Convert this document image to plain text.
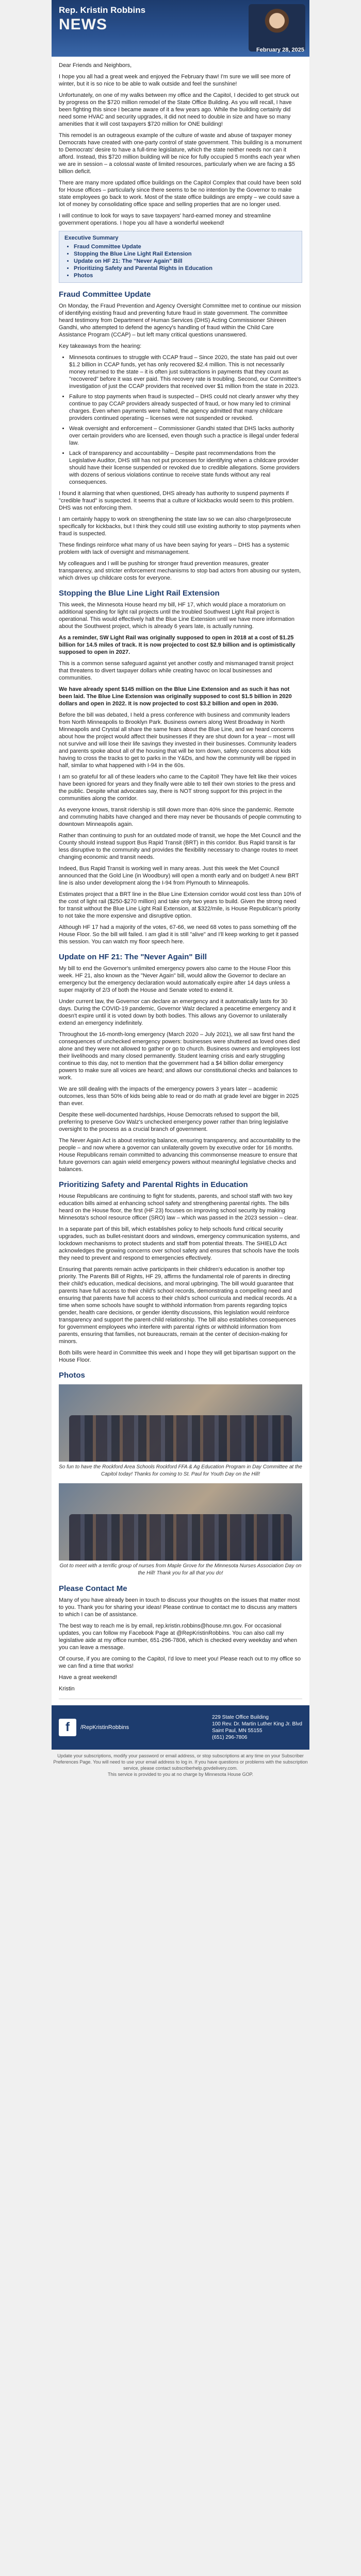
Rep. Kristin Robbins
NEWS
February 28, 2025

Dear Friends and Neighbors,

I hope you all had a great week and enjoyed the February thaw! I'm sure we will see more of winter, but it is so nice to be able to walk outside and feel the sunshine!

Unfortunately, on one of my walks between my office and the Capitol, I decided to get struck out by progress on the $720 million remodel of the State Office Building. As you will recall, I have been fighting this since I became aware of it a few years ago. While the building certainly did need some HVAC and security upgrades, it did not need to double in size and have so many amenities that it will cost taxpayers $720 million for ONE building!

This remodel is an outrageous example of the culture of waste and abuse of taxpayer money Democrats have created with one-party control of state government. This building is a monument to Democrats' desire to have a full-time legislature, which the state neither needs nor can it afford. Instead, this $720 million building will be nice for fully occupied 5 months each year when we are in session – a colossal waste of limited resources, particularly when we are facing a $5 billion deficit.

There are many more updated office buildings on the Capitol Complex that could have been sold for House offices – particularly since there seems to be no intention by the Governor to make state employees go back to work. Most of the state office buildings are empty – we could save a lot of money by consolidating office space and selling properties that are no longer used.

I will continue to look for ways to save taxpayers' hard-earned money and streamline government operations. I hope you all have a wonderful weekend!

Executive Summary
• Fraud Committee Update
• Stopping the Blue Line Light Rail Extension
• Update on HF 21: The "Never Again" Bill
• Prioritizing Safety and Parental Rights in Education
• Photos
Fraud Committee Update

On Monday, the Fraud Prevention and Agency Oversight Committee met to continue our mission of identifying existing fraud and preventing future fraud in state government. The committee heard testimony from Department of Human Services (DHS) Acting Commissioner Shireen Gandhi, who attempted to defend the agency's handling of fraud within the Child Care Assistance Program (CCAP) – but left many critical questions unanswered.

Key takeaways from the hearing:

• Minnesota continues to struggle with CCAP fraud – Since 2020, the state has paid out over $1.2 billion in CCAP funds, yet has only recovered $2.4 million. This is not necessarily money returned to the state – it is often just subtractions in payments that they count as "recovered" before it was ever paid. This recovery rate is troubling. Second, our Committee's investigation of just the CCAP providers that received over $1 million from the state in 2023.
• Failure to stop payments when fraud is suspected – DHS could not clearly answer why they continue to pay CCAP providers already suspected of fraud, or how many led to criminal charges. Even when payments were halted, the agency admitted that many childcare providers continued operating – licenses were not suspended or revoked.
• Weak oversight and enforcement – Commissioner Gandhi stated that DHS lacks authority over certain providers who are licensed, even though such a practice is illegal under federal law.
• Lack of transparency and accountability – Despite past recommendations from the Legislative Auditor, DHS still has not put processes for identifying when a childcare provider should have their license suspended or revoked due to credible allegations. Some providers with dozens of serious violations continue to receive state funds without any real consequences.

I found it alarming that when questioned, DHS already has authority to suspend payments if "credible fraud" is suspected. It seems that a culture of kickbacks would seem to this problem. DHS was not enforcing them.

I am certainly happy to work on strengthening the state law so we can also charge/prosecute specifically for kickbacks, but I think they could still use existing authority to stop payments when fraud is suspected.

These findings reinforce what many of us have been saying for years – DHS has a systemic problem with lack of oversight and mismanagement.

My colleagues and I will be pushing for stronger fraud prevention measures, greater transparency, and stricter enforcement mechanisms to stop bad actors from abusing our system, which drives up childcare costs for everyone.

Stopping the Blue Line Light Rail Extension

This week, the Minnesota House heard my bill, HF 17, which would place a moratorium on additional spending for light rail projects until the troubled Southwest Light Rail project is operational. This would effectively halt the Blue Line Extension until we have more information about the Southwest project, which is already 6 years late, is actually running.

As a reminder, SW Light Rail was originally supposed to open in 2018 at a cost of $1.25 billion for 14.5 miles of track. It is now projected to cost $2.9 billion and is optimistically supposed to open in 2027.

This is a common sense safeguard against yet another costly and mismanaged transit project that threatens to divert taxpayer dollars while creating havoc on local businesses and communities.

We have already spent $145 million on the Blue Line Extension and as such it has not been laid. The Blue Line Extension was originally supposed to cost $1.5 billion in 2020 dollars and open in 2022. It is now projected to cost $3.2 billion and open in 2030.

Before the bill was debated, I held a press conference with business and community leaders from North Minneapolis to Brooklyn Park. Business owners along West Broadway in North Minneapolis and Crystal all share the same fears about the Blue Line, and we heard concerns about how the project would affect their businesses if they are shut down for a year – most will not survive and will lose their life savings they invested in their businesses. Community leaders and parents spoke about all of the housing that will be torn down, safety concerns about kids having to cross the tracks to get to parks in the Y&Ds, and how the community will be ripped in half, similar to what happened with I-94 in the 60s.

I am so grateful for all of these leaders who came to the Capitol! They have felt like their voices have been ignored for years and they finally were able to tell their own stories to the press and the public. Despite what advocates say, there is NOT strong support for this project in the communities along the corridor.

As everyone knows, transit ridership is still down more than 40% since the pandemic. Remote and commuting habits have changed and there may never be thousands of people commuting to downtown Minneapolis again.

Rather than continuing to push for an outdated mode of transit, we hope the Met Council and the County should instead support Bus Rapid Transit (BRT) in this corridor. Bus Rapid transit is far less disruptive to the community and provides the flexibility necessary to change routes to meet changing economic and transit needs.

Indeed, Bus Rapid Transit is working well in many areas. Just this week the Met Council announced that the Gold Line (in Woodbury) will open a month early and on budget! A new BRT line is also under development along the I-94 from Plymouth to Minneapolis.

Estimates project that a BRT line in the Blue Line Extension corridor would cost less than 10% of the cost of light rail ($250-$270 million) and take only two years to build. Given the strong need for transit without the Blue Line Light Rail Extension, at $322/mile, is House Republican's priority to not take the more expensive and disruptive option.

Although HF 17 had a majority of the votes, 67-66, we need 68 votes to pass something off the House Floor. So the bill will failed. I am glad it is still "alive" and I'll keep working to get it passed this session. You can watch my floor speech here.

Update on HF 21: The "Never Again" Bill

My bill to end the Governor's unlimited emergency powers also came to the House Floor this week. HF 21, also known as the "Never Again" bill, would allow the Governor to declare an emergency but the emergency declaration would automatically expire after 14 days unless a super majority of 2/3 of both the House and Senate voted to extend it.

Under current law, the Governor can declare an emergency and it automatically lasts for 30 days. During the COVID-19 pandemic, Governor Walz declared a peacetime emergency and it doesn't expire until it is voted down by both bodies. This allows any Governor to unilaterally extend an emergency indefinitely.

Throughout the 16-month-long emergency (March 2020 – July 2021), we all saw first hand the consequences of unchecked emergency powers: businesses were shuttered as loved ones died alone and they were not allowed to gather or go to church. Business owners and employees lost their livelihoods and many closed permanently. Student learning crisis and early struggling continue to this day, not to mention that the government had a $4 billion dollar emergency powers to make sure all voices are heard; and allows our constitutional checks and balances to work.

We are still dealing with the impacts of the emergency powers 3 years later – academic outcomes, less than 50% of kids being able to read or do math at grade level are bigger in 2025 than ever.

Despite these well-documented hardships, House Democrats refused to support the bill, preferring to preserve Gov Walz's unchecked emergency power rather than bring legislative oversight to the process as a crucial branch of government.

The Never Again Act is about restoring balance, ensuring transparency, and accountability to the people – and now where a governor can unilaterally govern by executive order for 16 months. House Republicans remain committed to advancing this commonsense measure to ensure that future governors can again wield emergency powers without meaningful legislative checks and balances.

Prioritizing Safety and Parental Rights in Education

House Republicans are continuing to fight for students, parents, and school staff with two key education bills aimed at enhancing school safety and strengthening parental rights. The bills heard on the House floor, the first (HF 23) focuses on improving school security by making Minnesota's school resource officer (SRO) law – which was passed in the 2023 session – clear.

In a separate part of this bill, which establishes policy to help schools fund critical security upgrades, such as bullet-resistant doors and windows, emergency communication systems, and lockdown mechanisms to protect students and staff from potential threats. The SHIELD Act acknowledges the growing concerns over school safety and ensures that schools have the tools they need to prevent and respond to emergencies effectively.

Ensuring that parents remain active participants in their children's education is another top priority. The Parents Bill of Rights, HF 29, affirms the fundamental role of parents in directing their child's education, medical decisions, and moral upbringing. The bill would guarantee that parents have full access to their child's school records, demonstrating a compelling need and ensuring that parents have full access to their child's school curricula and medical records. At a time when some schools have sought to withhold information from parents regarding topics gender, health care decisions, or gender identity discussions, this legislation would reinforce transparency and support the parent-child relationship. The bill also establishes consequences for government employees who interfere with parental rights or withhold information from parents, ensuring that families, not bureaucrats, remain at the center of decision-making for minors.

Both bills were heard in Committee this week and I hope they will get bipartisan support on the House Floor.

Photos

So fun to have the Rockford Area Schools Rockford FFA & Ag Education Program in Day Committee at the Capitol today! Thanks for coming to St. Paul for Youth Day on the Hill!

Got to meet with a terrific group of nurses from Maple Grove for the Minnesota Nurses Association Day on the Hill! Thank you for all that you do!

Please Contact Me

Many of you have already been in touch to discuss your thoughts on the issues that matter most to you. Thank you for sharing your ideas! Please continue to contact me to discuss any matters to which I can be of assistance.

The best way to reach me is by email, rep.kristin.robbins@house.mn.gov. For occasional updates, you can follow my Facebook Page at @RepKristinRobbins. You can also call my legislative aide at my office number, 651-296-7806, which is checked every weekday and when you can leave a message.

Of course, if you are coming to the Capitol, I'd love to meet you! Please reach out to my office so we can find a time that works!

Have a great weekend!

Kristin

f	/RepKristinRobbins
229 State Office Building
100 Rev. Dr. Martin Luther King Jr. Blvd
Saint Paul, MN 55155
(651) 296-7806
Update your subscriptions, modify your password or email address, or stop subscriptions at any time on your Subscriber Preferences Page. You will need to use your email address to log in. If you have questions or problems with the subscription service, please contact subscriberhelp.govdelivery.com.
This service is provided to you at no charge by Minnesota House GOP.
